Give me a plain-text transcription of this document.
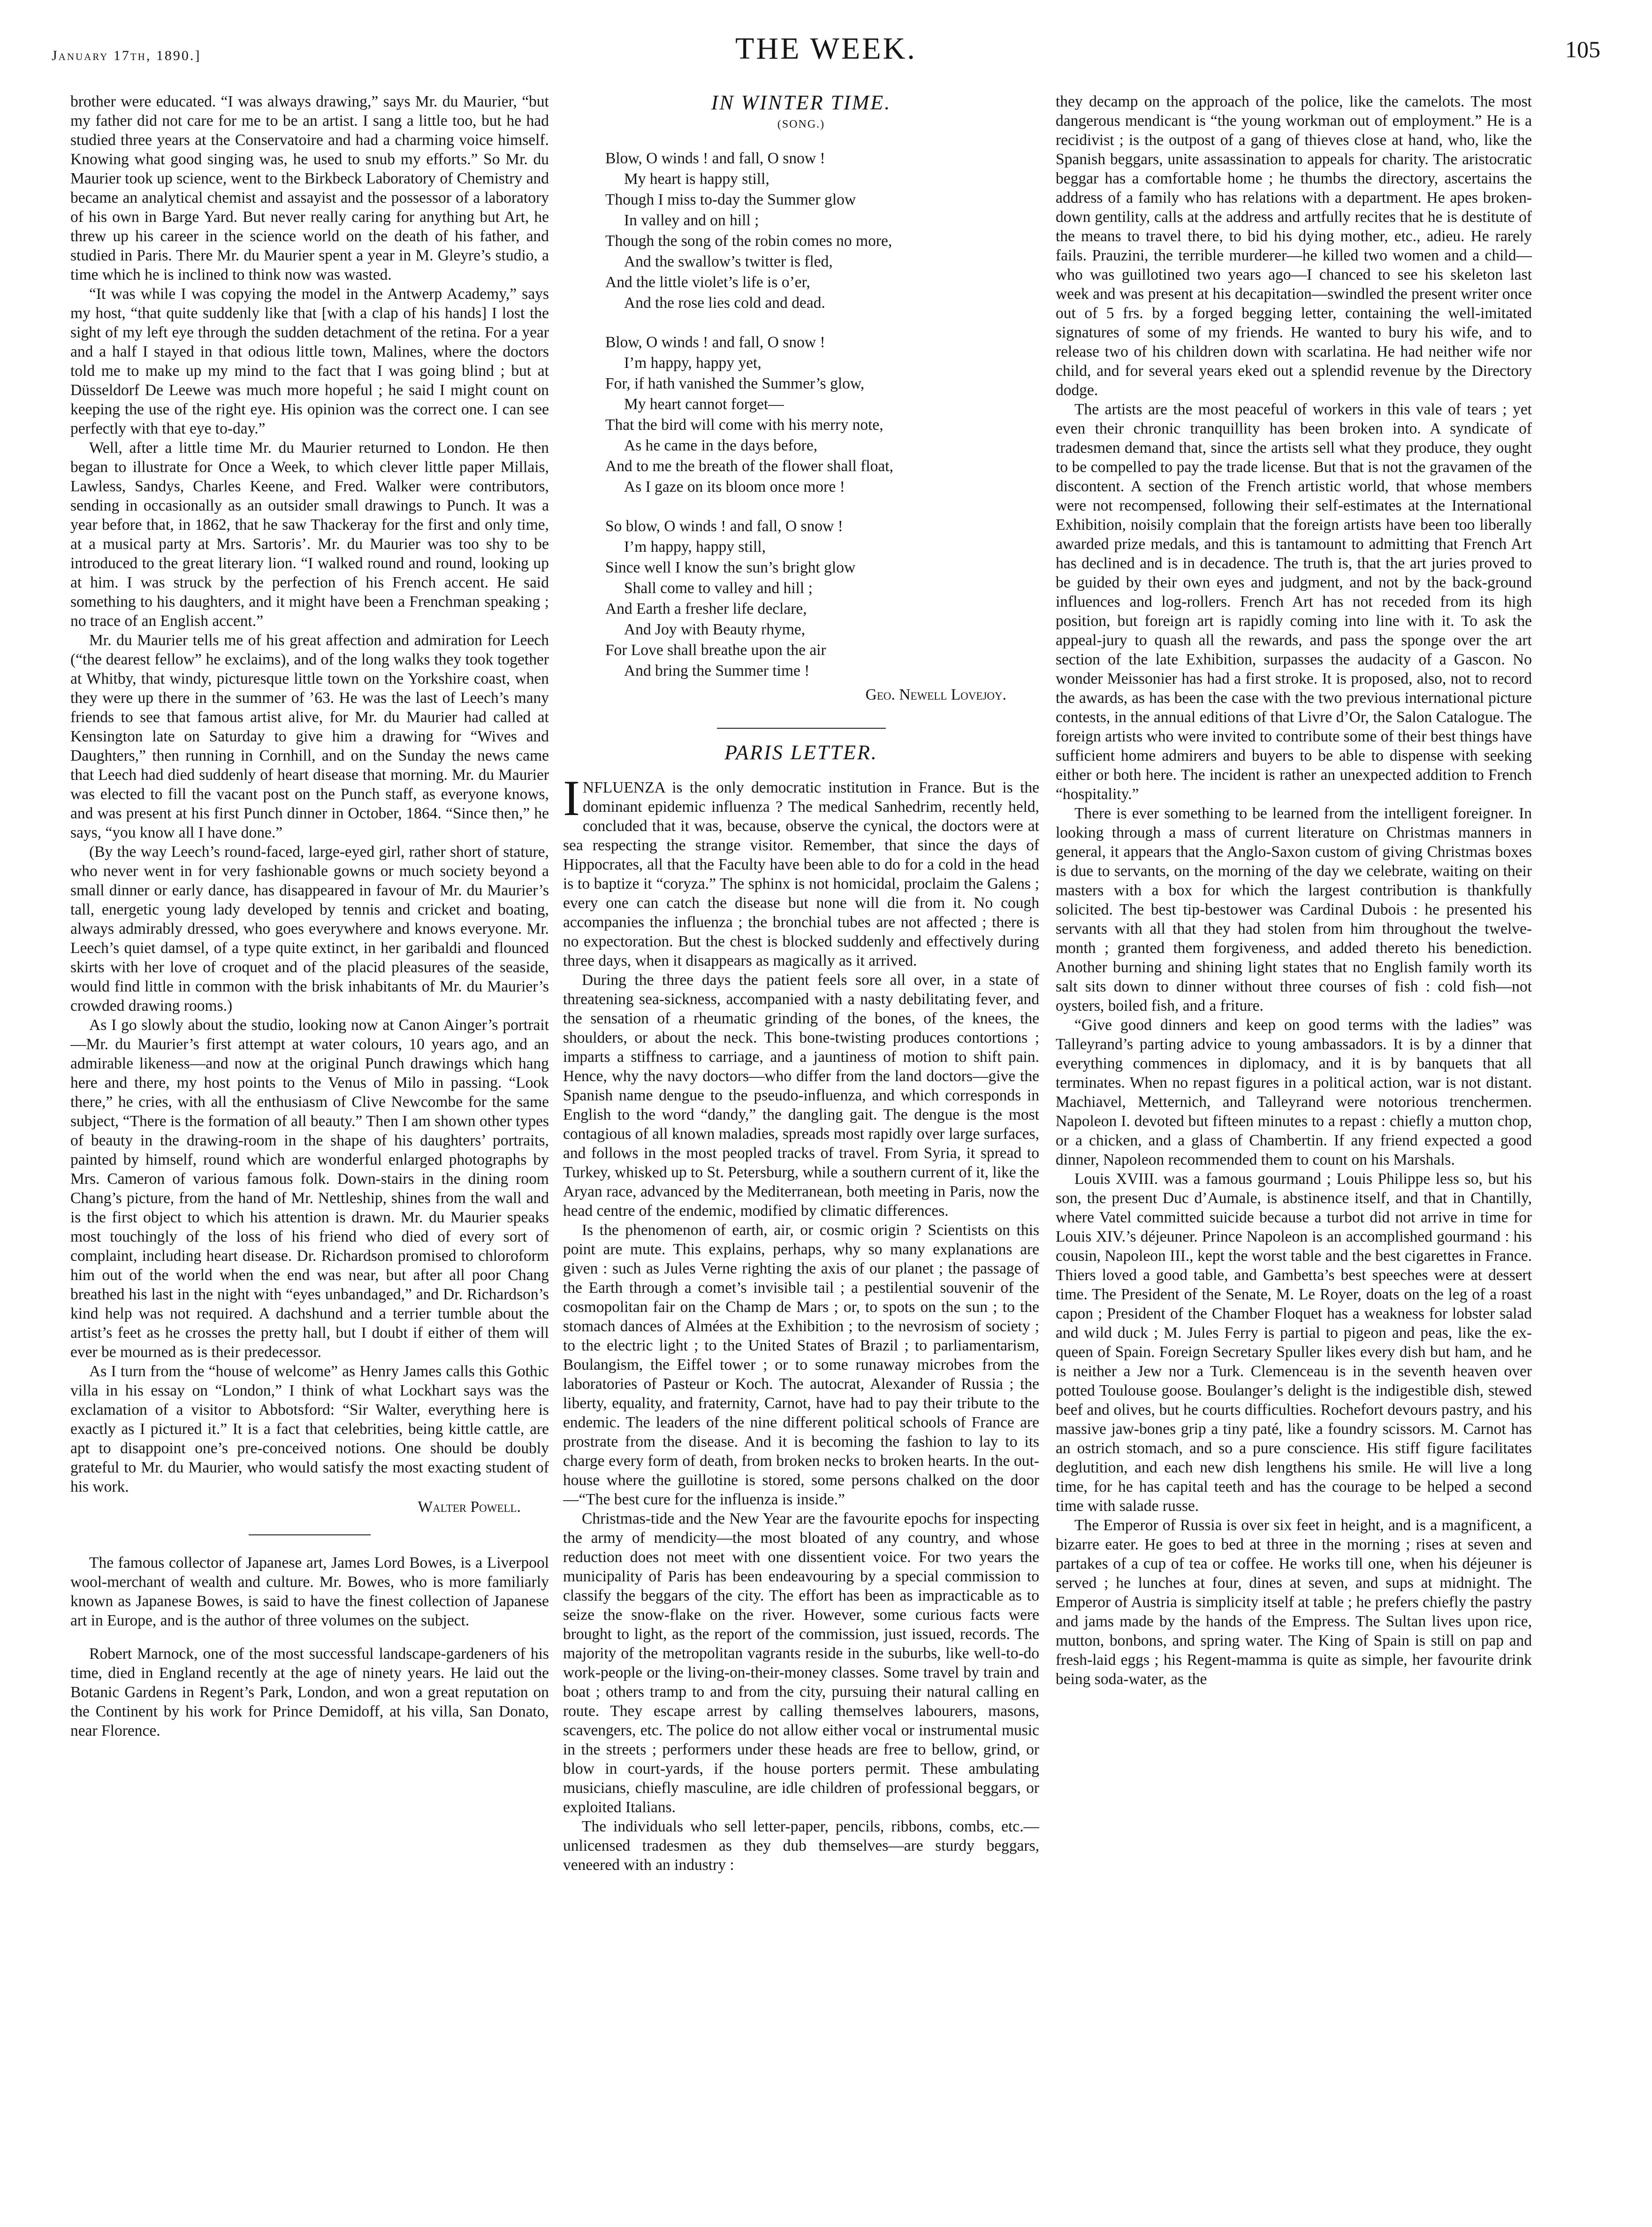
January 17th, 1890.]	THE WEEK.	105

brother were educated. “I was always drawing,” says Mr. du Maurier, “but my father did not care for me to be an artist. I sang a little too, but he had studied three years at the Conservatoire and had a charming voice himself. Knowing what good singing was, he used to snub my efforts.” So Mr. du Maurier took up science, went to the Birkbeck Laboratory of Chemistry and became an analytical chemist and assayist and the possessor of a laboratory of his own in Barge Yard. But never really caring for anything but Art, he threw up his career in the science world on the death of his father, and studied in Paris. There Mr. du Maurier spent a year in M. Gleyre’s studio, a time which he is inclined to think now was wasted.

“It was while I was copying the model in the Antwerp Academy,” says my host, “that quite suddenly like that [with a clap of his hands] I lost the sight of my left eye through the sudden detachment of the retina. For a year and a half I stayed in that odious little town, Malines, where the doctors told me to make up my mind to the fact that I was going blind ; but at Düsseldorf De Leewe was much more hopeful ; he said I might count on keeping the use of the right eye. His opinion was the correct one. I can see perfectly with that eye to-day.”

Well, after a little time Mr. du Maurier returned to London. He then began to illustrate for Once a Week, to which clever little paper Millais, Lawless, Sandys, Charles Keene, and Fred. Walker were contributors, sending in occasionally as an outsider small drawings to Punch. It was a year before that, in 1862, that he saw Thackeray for the first and only time, at a musical party at Mrs. Sartoris’. Mr. du Maurier was too shy to be introduced to the great literary lion. “I walked round and round, looking up at him. I was struck by the perfection of his French accent. He said something to his daughters, and it might have been a Frenchman speaking ; no trace of an English accent.”

Mr. du Maurier tells me of his great affection and admiration for Leech (“the dearest fellow” he exclaims), and of the long walks they took together at Whitby, that windy, picturesque little town on the Yorkshire coast, when they were up there in the summer of ’63. He was the last of Leech’s many friends to see that famous artist alive, for Mr. du Maurier had called at Kensington late on Saturday to give him a drawing for “Wives and Daughters,” then running in Cornhill, and on the Sunday the news came that Leech had died suddenly of heart disease that morning. Mr. du Maurier was elected to fill the vacant post on the Punch staff, as everyone knows, and was present at his first Punch dinner in October, 1864. “Since then,” he says, “you know all I have done.”

(By the way Leech’s round-faced, large-eyed girl, rather short of stature, who never went in for very fashionable gowns or much society beyond a small dinner or early dance, has disappeared in favour of Mr. du Maurier’s tall, energetic young lady developed by tennis and cricket and boating, always admirably dressed, who goes everywhere and knows everyone. Mr. Leech’s quiet damsel, of a type quite extinct, in her garibaldi and flounced skirts with her love of croquet and of the placid pleasures of the seaside, would find little in common with the brisk inhabitants of Mr. du Maurier’s crowded drawing rooms.)

As I go slowly about the studio, looking now at Canon Ainger’s portrait—Mr. du Maurier’s first attempt at water colours, 10 years ago, and an admirable likeness—and now at the original Punch drawings which hang here and there, my host points to the Venus of Milo in passing. “Look there,” he cries, with all the enthusiasm of Clive Newcombe for the same subject, “There is the formation of all beauty.” Then I am shown other types of beauty in the drawing-room in the shape of his daughters’ portraits, painted by himself, round which are wonderful enlarged photographs by Mrs. Cameron of various famous folk. Down-stairs in the dining room Chang’s picture, from the hand of Mr. Nettleship, shines from the wall and is the first object to which his attention is drawn. Mr. du Maurier speaks most touchingly of the loss of his friend who died of every sort of complaint, including heart disease. Dr. Richardson promised to chloroform him out of the world when the end was near, but after all poor Chang breathed his last in the night with “eyes unbandaged,” and Dr. Richardson’s kind help was not required. A dachshund and a terrier tumble about the artist’s feet as he crosses the pretty hall, but I doubt if either of them will ever be mourned as is their predecessor.

As I turn from the “house of welcome” as Henry James calls this Gothic villa in his essay on “London,” I think of what Lockhart says was the exclamation of a visitor to Abbotsford: “Sir Walter, everything here is exactly as I pictured it.” It is a fact that celebrities, being kittle cattle, are apt to disappoint one’s pre-conceived notions. One should be doubly grateful to Mr. du Maurier, who would satisfy the most exacting student of his work.

Walter Powell.

The famous collector of Japanese art, James Lord Bowes, is a Liverpool wool-merchant of wealth and culture. Mr. Bowes, who is more familiarly known as Japanese Bowes, is said to have the finest collection of Japanese art in Europe, and is the author of three volumes on the subject.

Robert Marnock, one of the most successful landscape-gardeners of his time, died in England recently at the age of ninety years. He laid out the Botanic Gardens in Regent’s Park, London, and won a great reputation on the Continent by his work for Prince Demidoff, at his villa, San Donato, near Florence.

IN WINTER TIME.
(SONG.)
Blow, O winds ! and fall, O snow !
My heart is happy still,
Though I miss to-day the Summer glow
In valley and on hill ;
Though the song of the robin comes no more,
And the swallow’s twitter is fled,
And the little violet’s life is o’er,
And the rose lies cold and dead.
Blow, O winds ! and fall, O snow !
I’m happy, happy yet,
For, if hath vanished the Summer’s glow,
My heart cannot forget—
That the bird will come with his merry note,
As he came in the days before,
And to me the breath of the flower shall float,
As I gaze on its bloom once more !
So blow, O winds ! and fall, O snow !
I’m happy, happy still,
Since well I know the sun’s bright glow
Shall come to valley and hill ;
And Earth a fresher life declare,
And Joy with Beauty rhyme,
For Love shall breathe upon the air
And bring the Summer time !
Geo. Newell Lovejoy.
PARIS LETTER.

INFLUENZA is the only democratic institution in France. But is the dominant epidemic influenza ? The medical Sanhedrim, recently held, concluded that it was, because, observe the cynical, the doctors were at sea respecting the strange visitor. Remember, that since the days of Hippocrates, all that the Faculty have been able to do for a cold in the head is to baptize it “coryza.” The sphinx is not homicidal, proclaim the Galens ; every one can catch the disease but none will die from it. No cough accompanies the influenza ; the bronchial tubes are not affected ; there is no expectoration. But the chest is blocked suddenly and effectively during three days, when it disappears as magically as it arrived.

During the three days the patient feels sore all over, in a state of threatening sea-sickness, accompanied with a nasty debilitating fever, and the sensation of a rheumatic grinding of the bones, of the knees, the shoulders, or about the neck. This bone-twisting produces contortions ; imparts a stiffness to carriage, and a jauntiness of motion to shift pain. Hence, why the navy doctors—who differ from the land doctors—give the Spanish name dengue to the pseudo-influenza, and which corresponds in English to the word “dandy,” the dangling gait. The dengue is the most contagious of all known maladies, spreads most rapidly over large surfaces, and follows in the most peopled tracks of travel. From Syria, it spread to Turkey, whisked up to St. Petersburg, while a southern current of it, like the Aryan race, advanced by the Mediterranean, both meeting in Paris, now the head centre of the endemic, modified by climatic differences.

Is the phenomenon of earth, air, or cosmic origin ? Scientists on this point are mute. This explains, perhaps, why so many explanations are given : such as Jules Verne righting the axis of our planet ; the passage of the Earth through a comet’s invisible tail ; a pestilential souvenir of the cosmopolitan fair on the Champ de Mars ; or, to spots on the sun ; to the stomach dances of Almées at the Exhibition ; to the nevrosism of society ; to the electric light ; to the United States of Brazil ; to parliamentarism, Boulangism, the Eiffel tower ; or to some runaway microbes from the laboratories of Pasteur or Koch. The autocrat, Alexander of Russia ; the liberty, equality, and fraternity, Carnot, have had to pay their tribute to the endemic. The leaders of the nine different political schools of France are prostrate from the disease. And it is becoming the fashion to lay to its charge every form of death, from broken necks to broken hearts. In the out-house where the guillotine is stored, some persons chalked on the door —“The best cure for the influenza is inside.”

Christmas-tide and the New Year are the favourite epochs for inspecting the army of mendicity—the most bloated of any country, and whose reduction does not meet with one dissentient voice. For two years the municipality of Paris has been endeavouring by a special commission to classify the beggars of the city. The effort has been as impracticable as to seize the snow-flake on the river. However, some curious facts were brought to light, as the report of the commission, just issued, records. The majority of the metropolitan vagrants reside in the suburbs, like well-to-do work-people or the living-on-their-money classes. Some travel by train and boat ; others tramp to and from the city, pursuing their natural calling en route. They escape arrest by calling themselves labourers, masons, scavengers, etc. The police do not allow either vocal or instrumental music in the streets ; performers under these heads are free to bellow, grind, or blow in court-yards, if the house porters permit. These ambulating musicians, chiefly masculine, are idle children of professional beggars, or exploited Italians.

The individuals who sell letter-paper, pencils, ribbons, combs, etc.—unlicensed tradesmen as they dub themselves—are sturdy beggars, veneered with an industry :

they decamp on the approach of the police, like the camelots. The most dangerous mendicant is “the young workman out of employment.” He is a recidivist ; is the outpost of a gang of thieves close at hand, who, like the Spanish beggars, unite assassination to appeals for charity. The aristocratic beggar has a comfortable home ; he thumbs the directory, ascertains the address of a family who has relations with a department. He apes broken-down gentility, calls at the address and artfully recites that he is destitute of the means to travel there, to bid his dying mother, etc., adieu. He rarely fails. Prauzini, the terrible murderer—he killed two women and a child—who was guillotined two years ago—I chanced to see his skeleton last week and was present at his decapitation—swindled the present writer once out of 5 frs. by a forged begging letter, containing the well-imitated signatures of some of my friends. He wanted to bury his wife, and to release two of his children down with scarlatina. He had neither wife nor child, and for several years eked out a splendid revenue by the Directory dodge.

The artists are the most peaceful of workers in this vale of tears ; yet even their chronic tranquillity has been broken into. A syndicate of tradesmen demand that, since the artists sell what they produce, they ought to be compelled to pay the trade license. But that is not the gravamen of the discontent. A section of the French artistic world, that whose members were not recompensed, following their self-estimates at the International Exhibition, noisily complain that the foreign artists have been too liberally awarded prize medals, and this is tantamount to admitting that French Art has declined and is in decadence. The truth is, that the art juries proved to be guided by their own eyes and judgment, and not by the back-ground influences and log-rollers. French Art has not receded from its high position, but foreign art is rapidly coming into line with it. To ask the appeal-jury to quash all the rewards, and pass the sponge over the art section of the late Exhibition, surpasses the audacity of a Gascon. No wonder Meissonier has had a first stroke. It is proposed, also, not to record the awards, as has been the case with the two previous international picture contests, in the annual editions of that Livre d’Or, the Salon Catalogue. The foreign artists who were invited to contribute some of their best things have sufficient home admirers and buyers to be able to dispense with seeking either or both here. The incident is rather an unexpected addition to French “hospitality.”

There is ever something to be learned from the intelligent foreigner. In looking through a mass of current literature on Christmas manners in general, it appears that the Anglo-Saxon custom of giving Christmas boxes is due to servants, on the morning of the day we celebrate, waiting on their masters with a box for which the largest contribution is thankfully solicited. The best tip-bestower was Cardinal Dubois : he presented his servants with all that they had stolen from him throughout the twelve-month ; granted them forgiveness, and added thereto his benediction. Another burning and shining light states that no English family worth its salt sits down to dinner without three courses of fish : cold fish—not oysters, boiled fish, and a friture.

“Give good dinners and keep on good terms with the ladies” was Talleyrand’s parting advice to young ambassadors. It is by a dinner that everything commences in diplomacy, and it is by banquets that all terminates. When no repast figures in a political action, war is not distant. Machiavel, Metternich, and Talleyrand were notorious trenchermen. Napoleon I. devoted but fifteen minutes to a repast : chiefly a mutton chop, or a chicken, and a glass of Chambertin. If any friend expected a good dinner, Napoleon recommended them to count on his Marshals.

Louis XVIII. was a famous gourmand ; Louis Philippe less so, but his son, the present Duc d’Aumale, is abstinence itself, and that in Chantilly, where Vatel committed suicide because a turbot did not arrive in time for Louis XIV.’s déjeuner. Prince Napoleon is an accomplished gourmand : his cousin, Napoleon III., kept the worst table and the best cigarettes in France. Thiers loved a good table, and Gambetta’s best speeches were at dessert time. The President of the Senate, M. Le Royer, doats on the leg of a roast capon ; President of the Chamber Floquet has a weakness for lobster salad and wild duck ; M. Jules Ferry is partial to pigeon and peas, like the ex-queen of Spain. Foreign Secretary Spuller likes every dish but ham, and he is neither a Jew nor a Turk. Clemenceau is in the seventh heaven over potted Toulouse goose. Boulanger’s delight is the indigestible dish, stewed beef and olives, but he courts difficulties. Rochefort devours pastry, and his massive jaw-bones grip a tiny paté, like a foundry scissors. M. Carnot has an ostrich stomach, and so a pure conscience. His stiff figure facilitates deglutition, and each new dish lengthens his smile. He will live a long time, for he has capital teeth and has the courage to be helped a second time with salade russe.

The Emperor of Russia is over six feet in height, and is a magnificent, a bizarre eater. He goes to bed at three in the morning ; rises at seven and partakes of a cup of tea or coffee. He works till one, when his déjeuner is served ; he lunches at four, dines at seven, and sups at midnight. The Emperor of Austria is simplicity itself at table ; he prefers chiefly the pastry and jams made by the hands of the Empress. The Sultan lives upon rice, mutton, bonbons, and spring water. The King of Spain is still on pap and fresh-laid eggs ; his Regent-mamma is quite as simple, her favourite drink being soda-water, as the
